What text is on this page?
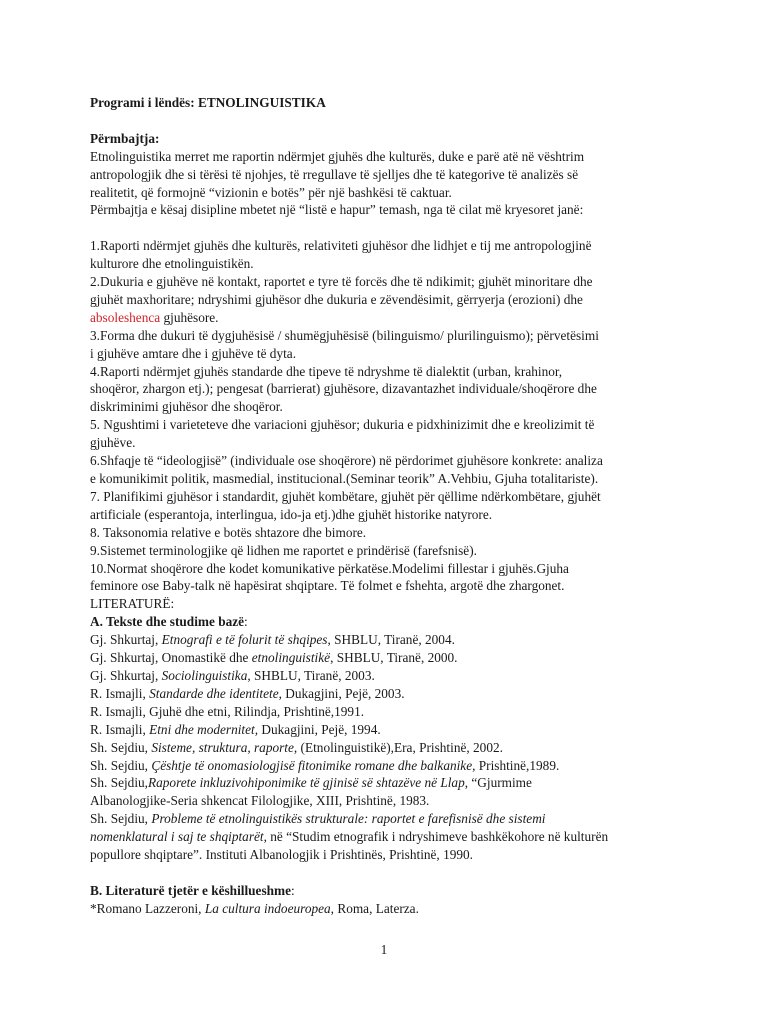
Programi i lëndës: ETNOLINGUISTIKA

Përmbajtja:
Etnolinguistika merret me raportin ndërmjet gjuhës dhe kulturës, duke e parë atë në vështrim
antropologjik dhe si tërësi të njohjes, të rregullave të sjelljes dhe të kategorive të analizës së
realitetit, që formojnë “vizionin e botës” për një bashkësi të caktuar.
Përmbajtja e kësaj disipline mbetet një “listë e hapur” temash, nga të cilat më kryesoret janë:
1.Raporti ndërmjet gjuhës dhe kulturës, relativiteti gjuhësor dhe lidhjet e tij me antropologjinë
kulturore dhe etnolinguistikën.
2.Dukuria e gjuhëve në kontakt, raportet e tyre të forcës dhe të ndikimit; gjuhët minoritare dhe
gjuhët maxhoritare; ndryshimi gjuhësor dhe dukuria e zëvendësimit, gërryerja (erozioni) dhe
absoleshenca gjuhësore.
3.Forma dhe dukuri të dygjuhësisë / shumëgjuhësisë (bilinguismo/ plurilinguismo); përvetësimi
i gjuhëve amtare dhe i gjuhëve të dyta.
4.Raporti ndërmjet gjuhës standarde dhe tipeve të ndryshme të dialektit (urban, krahinor,
shoqëror, zhargon etj.); pengesat (barrierat) gjuhësore, dizavantazhet individuale/shoqërore dhe
diskriminimi gjuhësor dhe shoqëror.
5. Ngushtimi i varieteteve dhe variacioni gjuhësor; dukuria e pidxhinizimit dhe e kreolizimit të
gjuhëve.
6.Shfaqje të “ideologjisë” (individuale ose shoqërore) në përdorimet gjuhësore konkrete: analiza
e komunikimit politik, masmedial, institucional.(Seminar teorik” A.Vehbiu, Gjuha totalitariste).
7. Planifikimi gjuhësor i standardit, gjuhët kombëtare, gjuhët për qëllime ndërkombëtare, gjuhët
artificiale (esperantoja, interlingua, ido-ja etj.)dhe gjuhët historike natyrore.
8. Taksonomia relative e botës shtazore dhe bimore.
9.Sistemet terminologjike që lidhen me raportet e prindërisë (farefsnisë).
10.Normat shoqërore dhe kodet komunikative përkatëse.Modelimi fillestar i gjuhës.Gjuha
feminore ose Baby-talk në hapësirat shqiptare. Të folmet e fshehta, argotë dhe zhargonet.
LITERATURË:
A. Tekste dhe studime bazë:
Gj. Shkurtaj, Etnografi e të folurit të shqipes, SHBLU, Tiranë, 2004.
Gj. Shkurtaj, Onomastikë dhe etnolinguistikë, SHBLU, Tiranë, 2000.
Gj. Shkurtaj, Sociolinguistika, SHBLU, Tiranë, 2003.
R. Ismajli, Standarde dhe identitete, Dukagjini, Pejë, 2003.
R. Ismajli, Gjuhë dhe etni, Rilindja, Prishtinë,1991.
R. Ismajli, Etni dhe modernitet, Dukagjini, Pejë, 1994.
Sh. Sejdiu, Sisteme, struktura, raporte, (Etnolinguistikë),Era, Prishtinë, 2002.
Sh. Sejdiu, Çështje të onomasiologjisë fitonimike romane dhe balkanike, Prishtinë,1989.
Sh. Sejdiu,Raporete inkluzivohiponimike të gjinisë së shtazëve në Llap, “Gjurmime
Albanologjike-Seria shkencat Filologjike, XIII, Prishtinë, 1983.
Sh. Sejdiu, Probleme të etnolinguistikës strukturale: raportet e farefisnisë dhe sistemi
nomenklatural i saj te shqiptarët, në “Studim etnografik i ndryshimeve bashkëkohore në kulturën
popullore shqiptare”. Instituti Albanologjik i Prishtinës, Prishtinë, 1990.
B. Literaturë tjetër e këshillueshme:
*Romano Lazzeroni, La cultura indoeuropea, Roma, Laterza.
1
